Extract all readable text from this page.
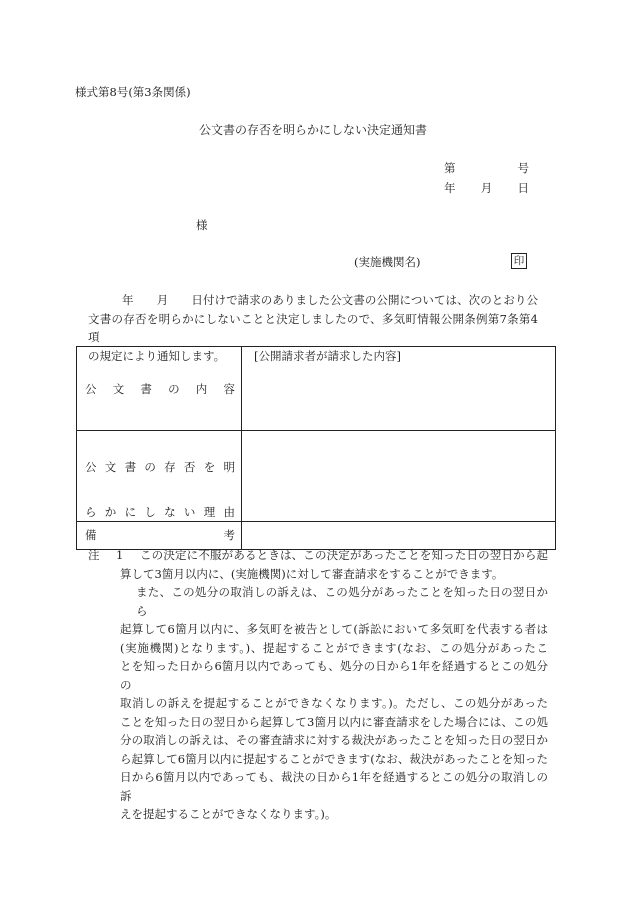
様式第8号(第3条関係)
公文書の存否を明らかにしない決定通知書
第	号
年 月 日
様
(実施機関名)	印
年　　月　　日付けで請求のありました公文書の公開については、次のとおり公
文書の存否を明らかにしないことと決定しましたので、多気町情報公開条例第7条第4項
の規定により通知します。
公文書の内容	[公開請求者が請求した内容]

公文書の存否を明
らかにしない理由	

備考	

注	1	この決定に不服があるときは、この決定があったことを知った日の翌日から起
算して3箇月以内に、(実施機関)に対して審査請求をすることができます。
また、この処分の取消しの訴えは、この処分があったことを知った日の翌日から
起算して6箇月以内に、多気町を被告として(訴訟において多気町を代表する者は
(実施機関)となります。)、提起することができます(なお、この処分があったこ
とを知った日から6箇月以内であっても、処分の日から1年を経過するとこの処分の
取消しの訴えを提起することができなくなります。)。ただし、この処分があった
ことを知った日の翌日から起算して3箇月以内に審査請求をした場合には、この処
分の取消しの訴えは、その審査請求に対する裁決があったことを知った日の翌日か
ら起算して6箇月以内に提起することができます(なお、裁決があったことを知った
日から6箇月以内であっても、裁決の日から1年を経過するとこの処分の取消しの訴
えを提起することができなくなります。)。
